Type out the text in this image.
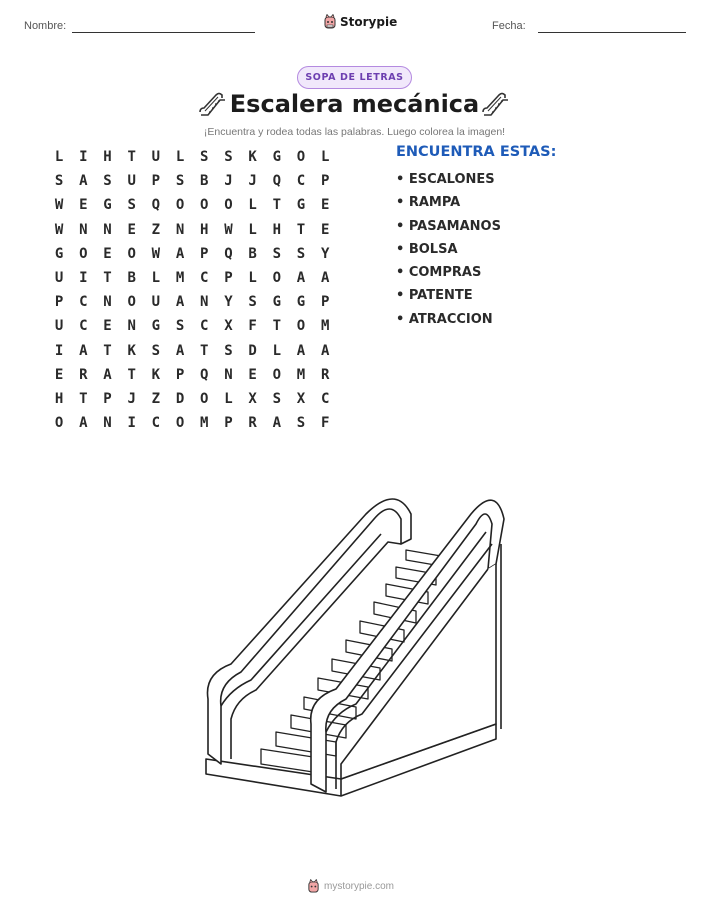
Nombre:	Storypie	Fecha:
SOPA DE LETRAS
Escalera mecánica
¡Encuentra y rodea todas las palabras. Luego colorea la imagen!
L	I	H	T	U	L	S	S	K	G	O	L
S	A	S	U	P	S	B	J	J	Q	C	P
W	E	G	S	Q	O	O	O	L	T	G	E
W	N	N	E	Z	N	H	W	L	H	T	E
G	O	E	O	W	A	P	Q	B	S	S	Y
U	I	T	B	L	M	C	P	L	O	A	A
P	C	N	O	U	A	N	Y	S	G	G	P
U	C	E	N	G	S	C	X	F	T	O	M
I	A	T	K	S	A	T	S	D	L	A	A
E	R	A	T	K	P	Q	N	E	O	M	R
H	T	P	J	Z	D	O	L	X	S	X	C
O	A	N	I	C	O	M	P	R	A	S	F
ENCUENTRA ESTAS:
• ESCALONES
• RAMPA
• PASAMANOS
• BOLSA
• COMPRAS
• PATENTE
• ATRACCION
mystorypie.com
